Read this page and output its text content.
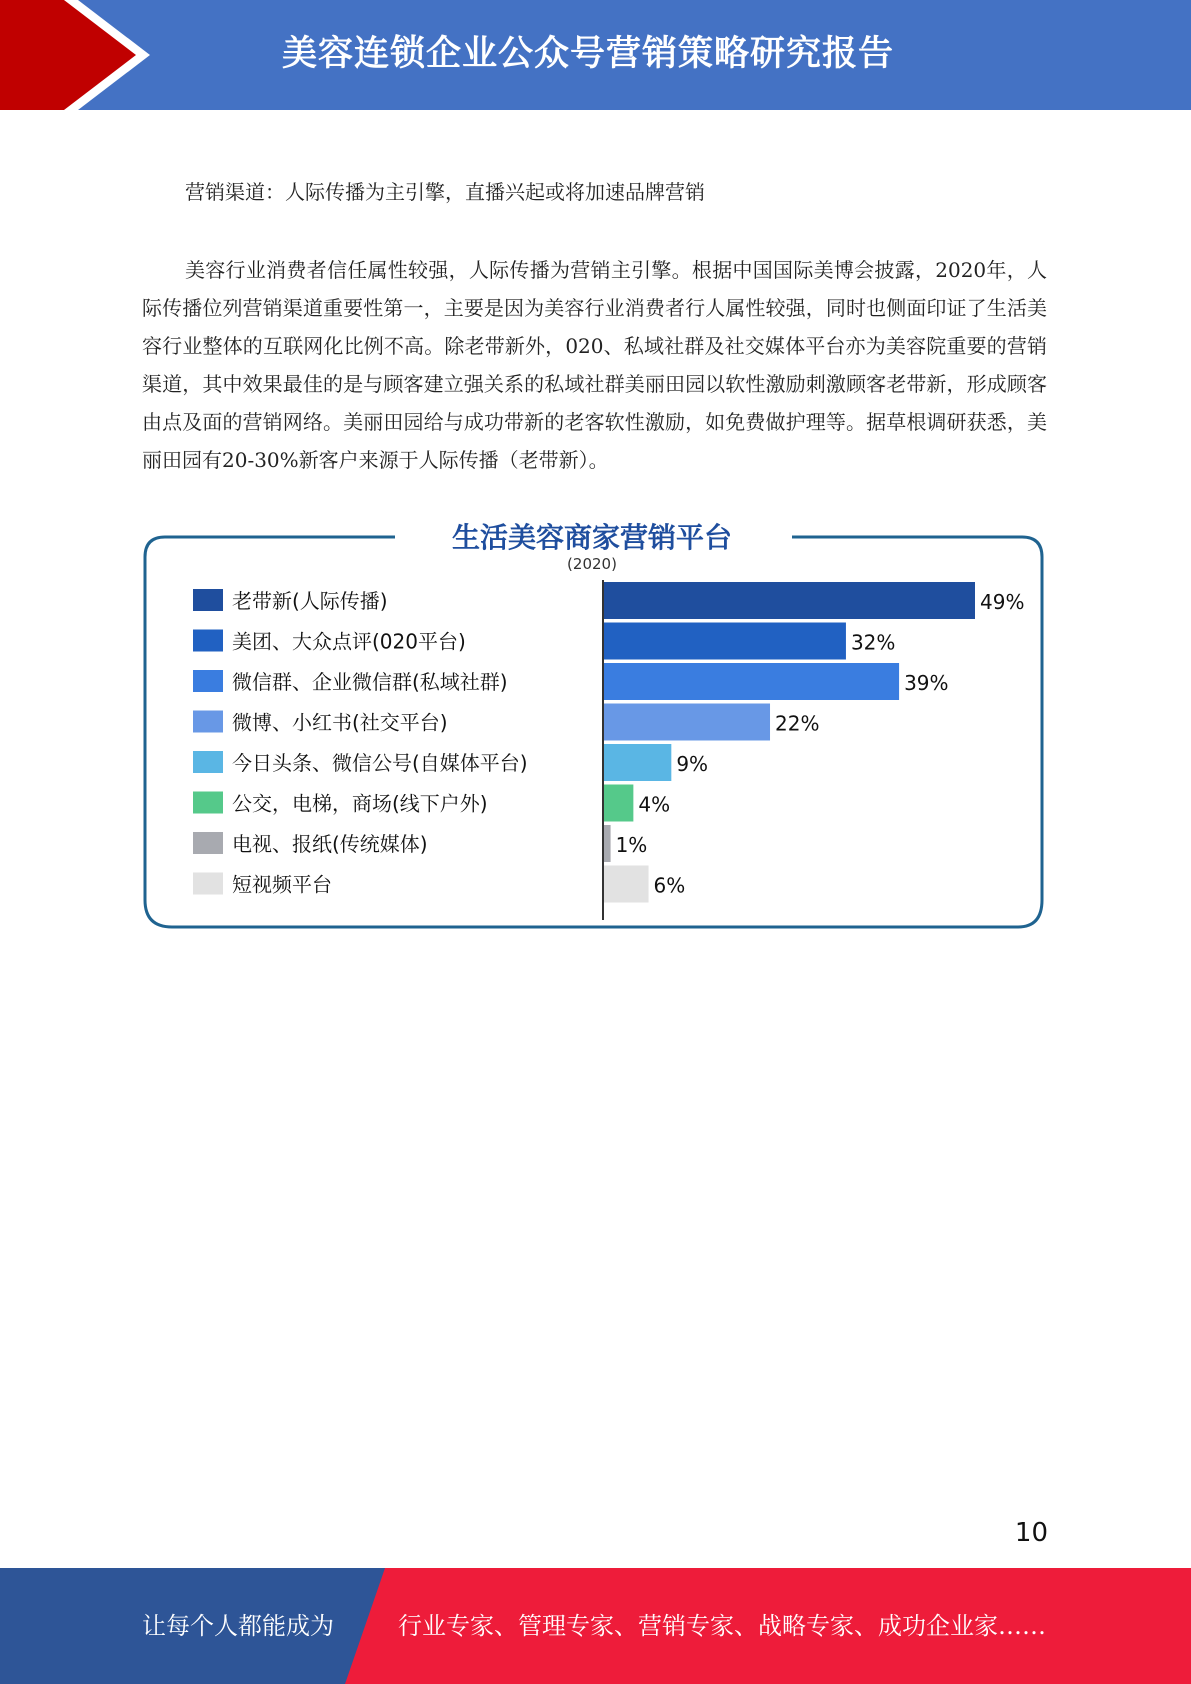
美容连锁企业公众号营销策略研究报告
营销渠道：人际传播为主引擎，直播兴起或将加速品牌营销
美容行业消费者信任属性较强，人际传播为营销主引擎。根据中国国际美博会披露，2020年，人际传播位列营销渠道重要性第一，主要是因为美容行业消费者行人属性较强，同时也侧面印证了生活美容行业整体的互联网化比例不高。除老带新外，020、私域社群及社交媒体平台亦为美容院重要的营销渠道，其中效果最佳的是与顾客建立强关系的私域社群美丽田园以软性激励刺激顾客老带新，形成顾客由点及面的营销网络。美丽田园给与成功带新的老客软性激励，如免费做护理等。据草根调研获悉，美丽田园有20-30%新客户来源于人际传播（老带新）。
生活美容商家营销平台
(2020)
老带新(人际传播)
美团、大众点评(020平台)
微信群、企业微信群(私域社群)
微博、小红书(社交平台)
今日头条、微信公号(自媒体平台)
公交，电梯，商场(线下户外)
电视、报纸(传统媒体)
短视频平台
49%
32%
39%
22%
9%
4%
1%
6%
10
让每个人都能成为	行业专家、管理专家、营销专家、战略专家、成功企业家……
